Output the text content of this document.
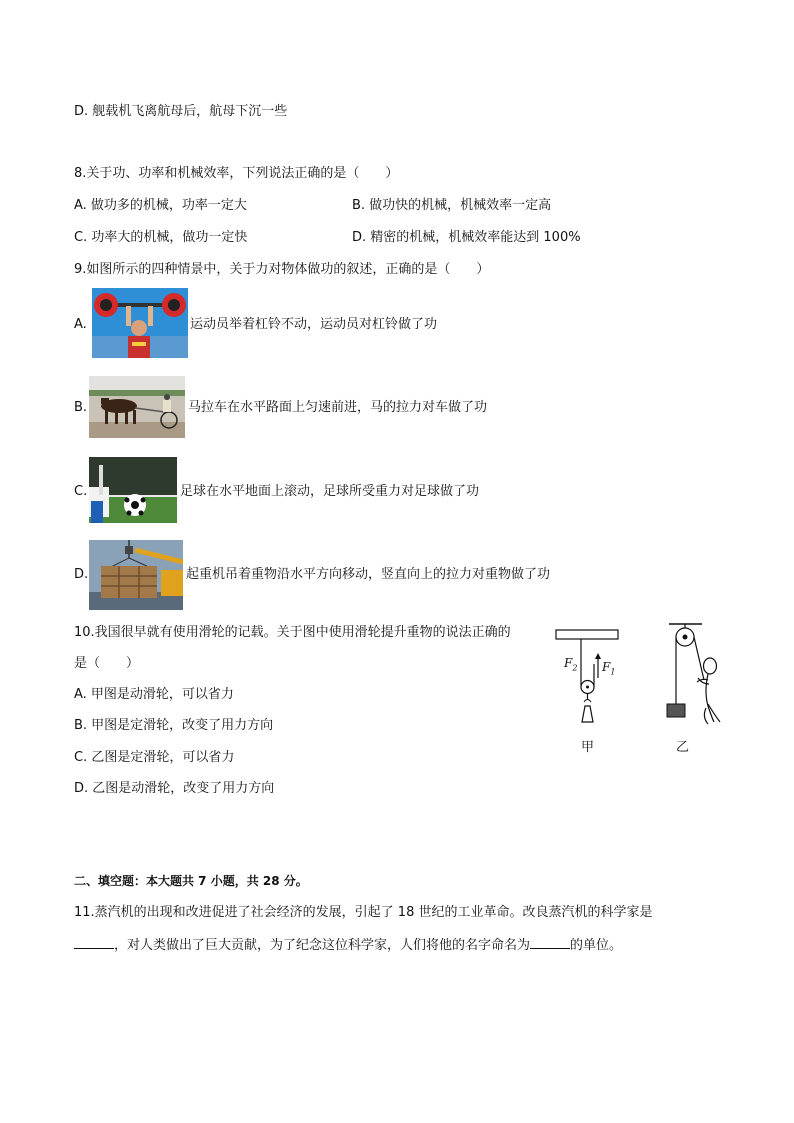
D. 舰载机飞离航母后，航母下沉一些
8.关于功、功率和机械效率，下列说法正确的是（　　）
A. 做功多的机械，功率一定大	B. 做功快的机械，机械效率一定高
C. 功率大的机械，做功一定快	D. 精密的机械，机械效率能达到 100%
9.如图所示的四种情景中，关于力对物体做功的叙述，正确的是（　　）
A.	运动员举着杠铃不动，运动员对杠铃做了功
B.	马拉车在水平路面上匀速前进，马的拉力对车做了功
C.	足球在水平地面上滚动，足球所受重力对足球做了功
D.	起重机吊着重物沿水平方向移动，竖直向上的拉力对重物做了功
10.我国很早就有使用滑轮的记载。关于图中使用滑轮提升重物的说法正确的
是（　　）
A. 甲图是动滑轮，可以省力
B. 甲图是定滑轮，改变了用力方向
C. 乙图是定滑轮，可以省力
D. 乙图是动滑轮，改变了用力方向
$F_2$ $F_1$
甲	乙
二、填空题：本大题共 7 小题，共 28 分。
11.蒸汽机的出现和改进促进了社会经济的发展，引起了 18 世纪的工业革命。改良蒸汽机的科学家是
，对人类做出了巨大贡献，为了纪念这位科学家，人们将他的名字命名为	的单位。
